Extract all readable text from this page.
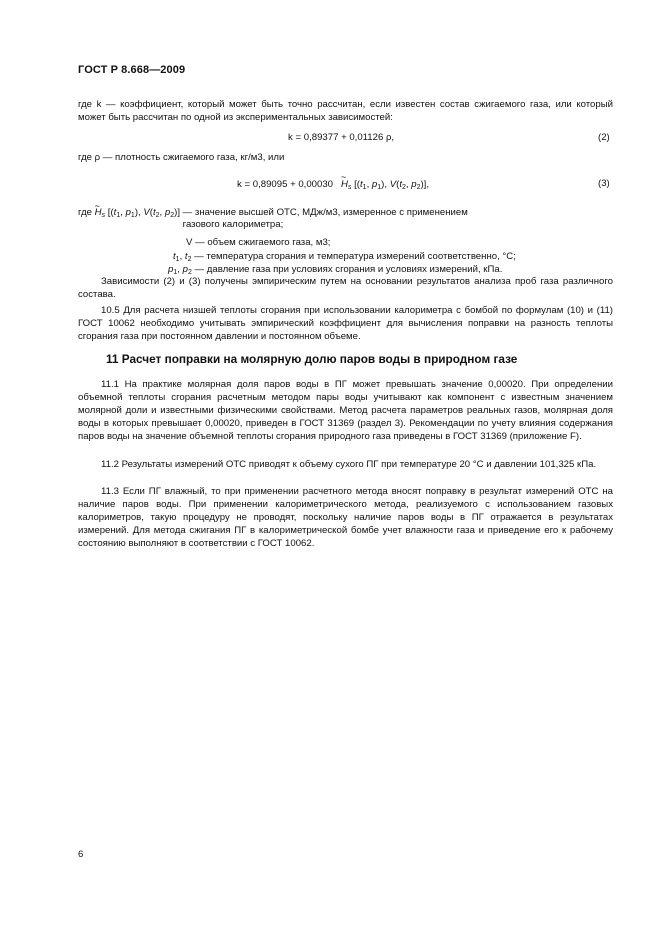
ГОСТ Р 8.668—2009
где k — коэффициент, который может быть точно рассчитан, если известен состав сжигаемого газа, или который может быть рассчитан по одной из экспериментальных зависимостей:
k = 0,89377 + 0,01126 ρ,	(2)
где ρ — плотность сжигаемого газа, кг/м3, или
k = 0,89095 + 0,00030   ~ $H_s$ [($t_1$, $p_1$), $V(t_2$, $p_2$)],	(3)
где ~ $H_s$ [($t_1$, $p_1$), $V(t_2$, $p_2$)] — значение высшей ОТС, МДж/м3, измеренное с применением газового калориметра;
V — объем сжигаемого газа, м3;
$t_1$, $t_2$ — температура сгорания и температура измерений соответственно, °С;
$p_1$, $p_2$ — давление газа при условиях сгорания и условиях измерений, кПа.
Зависимости (2) и (3) получены эмпирическим путем на основании результатов анализа проб газа различного состава.
10.5 Для расчета низшей теплоты сгорания при использовании калориметра с бомбой по формулам (10) и (11) ГОСТ 10062 необходимо учитывать эмпирический коэффициент для вычисления поправки на разность теплоты сгорания газа при постоянном давлении и постоянном объеме.
11 Расчет поправки на молярную долю паров воды в природном газе
11.1 На практике молярная доля паров воды в ПГ может превышать значение 0,00020. При определении объемной теплоты сгорания расчетным методом пары воды учитывают как компонент с известным значением молярной доли и известными физическими свойствами. Метод расчета параметров реальных газов, молярная доля воды в которых превышает 0,00020, приведен в ГОСТ 31369 (раздел 3). Рекомендации по учету влияния содержания паров воды на значение объемной теплоты сгорания природного газа приведены в ГОСТ 31369 (приложение F).
11.2 Результаты измерений ОТС приводят к объему сухого ПГ при температуре 20 °С и давлении 101,325 кПа.
11.3 Если ПГ влажный, то при применении расчетного метода вносят поправку в результат измерений ОТС на наличие паров воды. При применении калориметрического метода, реализуемого с использованием газовых калориметров, такую процедуру не проводят, поскольку наличие паров воды в ПГ отражается в результатах измерений. Для метода сжигания ПГ в калориметрической бомбе учет влажности газа и приведение его к рабочему состоянию выполняют в соответствии с ГОСТ 10062.
6
